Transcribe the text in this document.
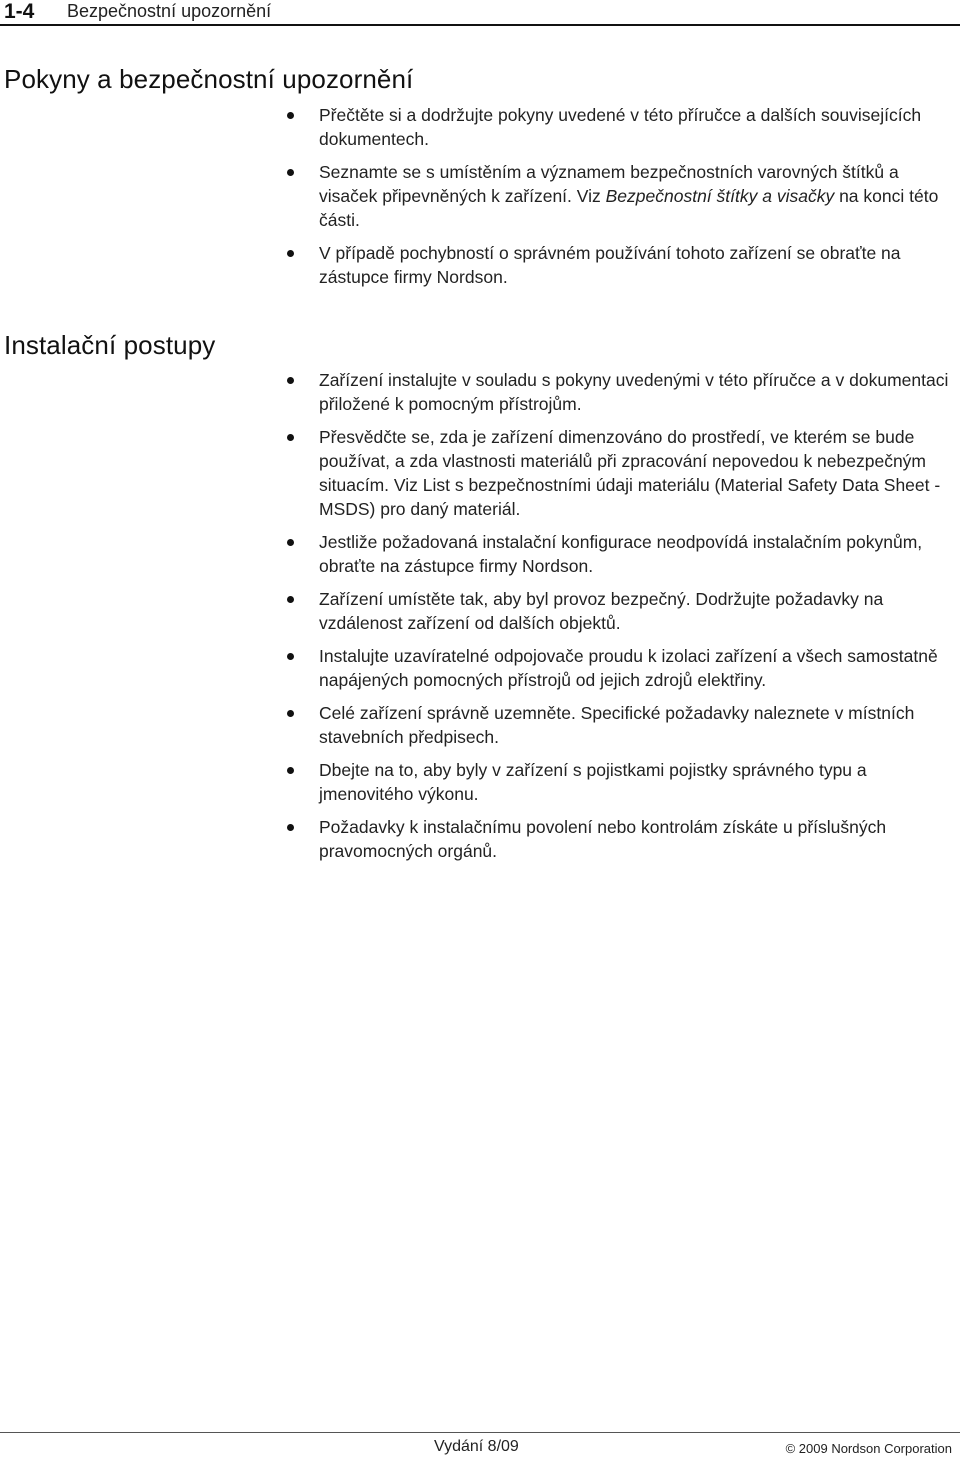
1-4 Bezpečnostní upozornění
Pokyny a bezpečnostní upozornění
Přečtěte si a dodržujte pokyny uvedené v této příručce a dalších souvisejících dokumentech.
Seznamte se s umístěním a významem bezpečnostních varovných štítků a visaček připevněných k zařízení. Viz Bezpečnostní štítky a visačky na konci této části.
V případě pochybností o správném používání tohoto zařízení se obraťte na zástupce firmy Nordson.
Instalační postupy
Zařízení instalujte v souladu s pokyny uvedenými v této příručce a v dokumentaci přiložené k pomocným přístrojům.
Přesvědčte se, zda je zařízení dimenzováno do prostředí, ve kterém se bude používat, a zda vlastnosti materiálů při zpracování nepovedou k nebezpečným situacím. Viz List s bezpečnostními údaji materiálu (Material Safety Data Sheet - MSDS) pro daný materiál.
Jestliže požadovaná instalační konfigurace neodpovídá instalačním pokynům, obraťte na zástupce firmy Nordson.
Zařízení umístěte tak, aby byl provoz bezpečný. Dodržujte požadavky na vzdálenost zařízení od dalších objektů.
Instalujte uzavíratelné odpojovače proudu k izolaci zařízení a všech samostatně napájených pomocných přístrojů od jejich zdrojů elektřiny.
Celé zařízení správně uzemněte. Specifické požadavky naleznete v místních stavebních předpisech.
Dbejte na to, aby byly v zařízení s pojistkami pojistky správného typu a jmenovitého výkonu.
Požadavky k instalačnímu povolení nebo kontrolám získáte u příslušných pravomocných orgánů.
Vydání 8/09	© 2009 Nordson Corporation
